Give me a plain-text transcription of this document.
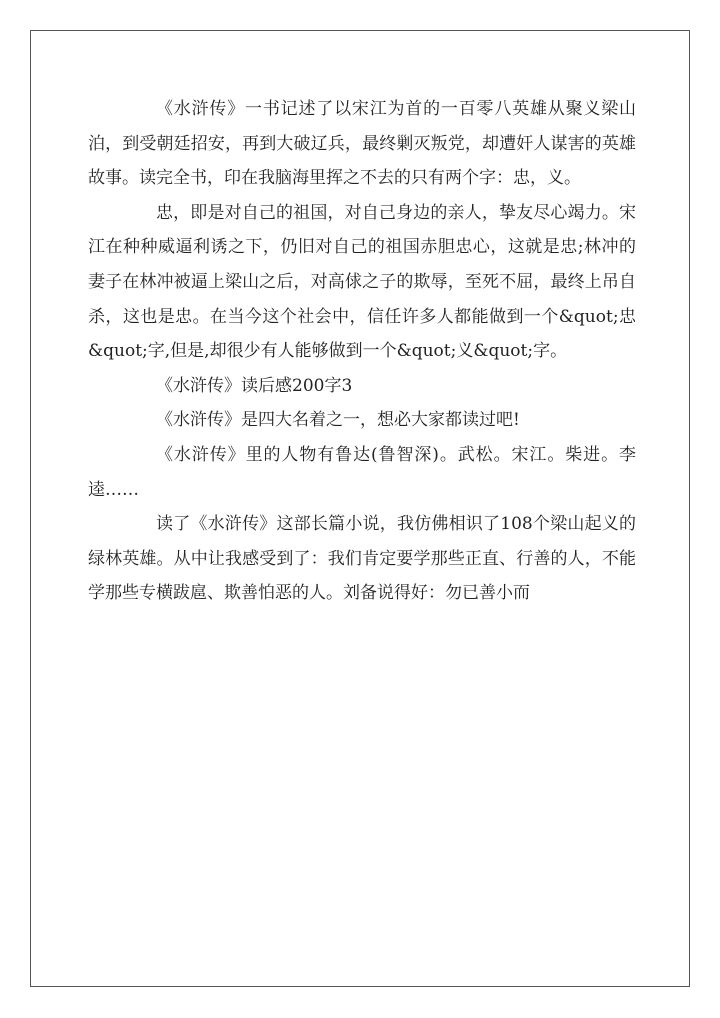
《水浒传》一书记述了以宋江为首的一百零八英雄从聚义梁山泊，到受朝廷招安，再到大破辽兵，最终剿灭叛党，却遭奸人谋害的英雄故事。读完全书，印在我脑海里挥之不去的只有两个字：忠，义。

忠，即是对自己的祖国，对自己身边的亲人，挚友尽心竭力。宋江在种种威逼利诱之下，仍旧对自己的祖国赤胆忠心，这就是忠;林冲的妻子在林冲被逼上梁山之后，对高俅之子的欺辱，至死不屈，最终上吊自杀，这也是忠。在当今这个社会中，信任许多人都能做到一个&quot;忠&quot;字,但是,却很少有人能够做到一个&quot;义&quot;字。

《水浒传》读后感200字3

《水浒传》是四大名着之一，想必大家都读过吧!

《水浒传》里的人物有鲁达(鲁智深)。武松。宋江。柴进。李逵……

读了《水浒传》这部长篇小说，我仿佛相识了108个梁山起义的绿林英雄。从中让我感受到了：我们肯定要学那些正直、行善的人，不能学那些专横跋扈、欺善怕恶的人。刘备说得好：勿已善小而
